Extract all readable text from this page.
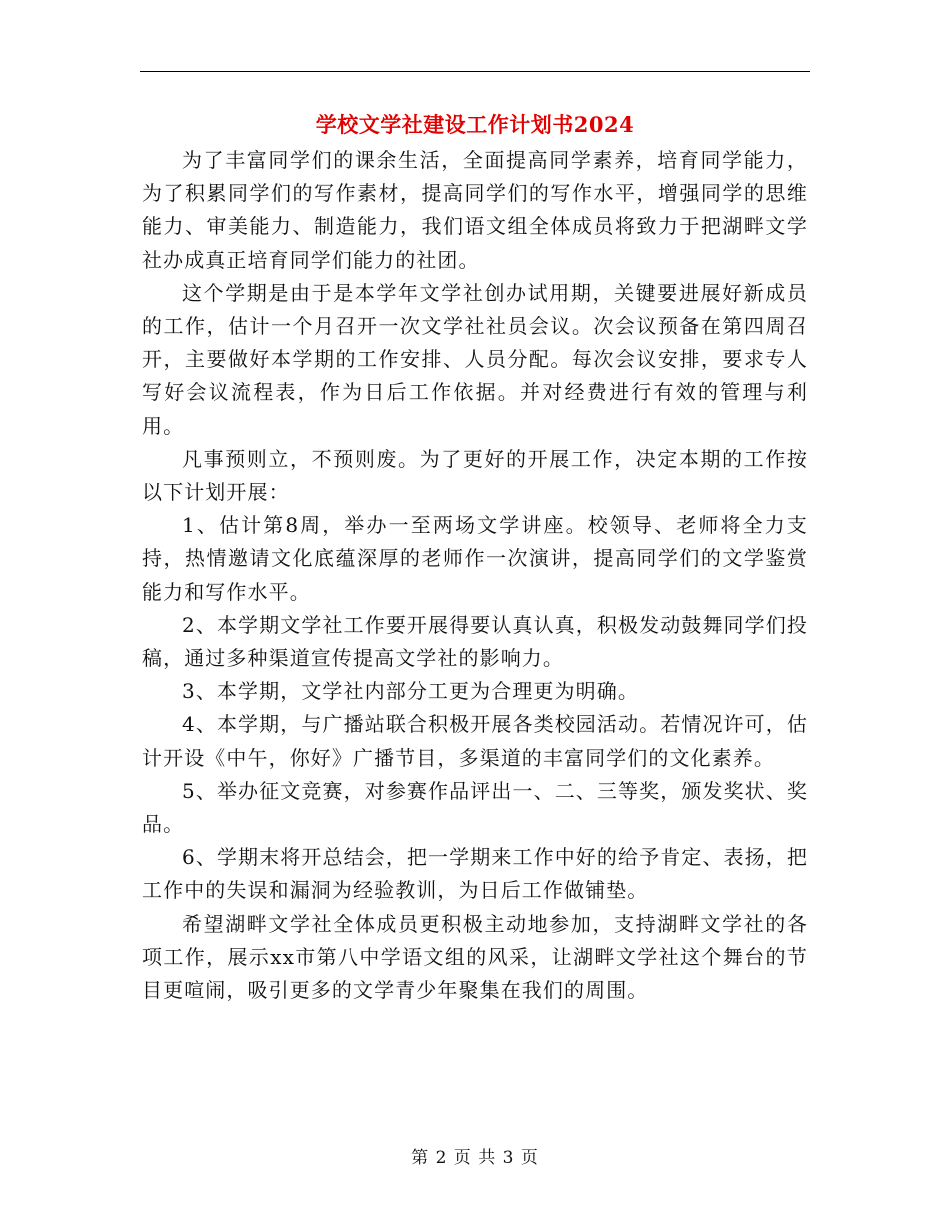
学校文学社建设工作计划书2024

为了丰富同学们的课余生活，全面提高同学素养，培育同学能力，为了积累同学们的写作素材，提高同学们的写作水平，增强同学的思维能力、审美能力、制造能力，我们语文组全体成员将致力于把湖畔文学社办成真正培育同学们能力的社团。

这个学期是由于是本学年文学社创办试用期，关键要进展好新成员的工作，估计一个月召开一次文学社社员会议。次会议预备在第四周召开，主要做好本学期的工作安排、人员分配。每次会议安排，要求专人写好会议流程表，作为日后工作依据。并对经费进行有效的管理与利用。

凡事预则立，不预则废。为了更好的开展工作，决定本期的工作按以下计划开展：

1、估计第8周，举办一至两场文学讲座。校领导、老师将全力支持，热情邀请文化底蕴深厚的老师作一次演讲，提高同学们的文学鉴赏能力和写作水平。

2、本学期文学社工作要开展得要认真认真，积极发动鼓舞同学们投稿，通过多种渠道宣传提高文学社的影响力。

3、本学期，文学社内部分工更为合理更为明确。

4、本学期，与广播站联合积极开展各类校园活动。若情况许可，估计开设《中午，你好》广播节目，多渠道的丰富同学们的文化素养。

5、举办征文竞赛，对参赛作品评出一、二、三等奖，颁发奖状、奖品。

6、学期末将开总结会，把一学期来工作中好的给予肯定、表扬，把工作中的失误和漏洞为经验教训，为日后工作做铺垫。

希望湖畔文学社全体成员更积极主动地参加，支持湖畔文学社的各项工作，展示xx市第八中学语文组的风采，让湖畔文学社这个舞台的节目更喧闹，吸引更多的文学青少年聚集在我们的周围。

第 2 页 共 3 页
